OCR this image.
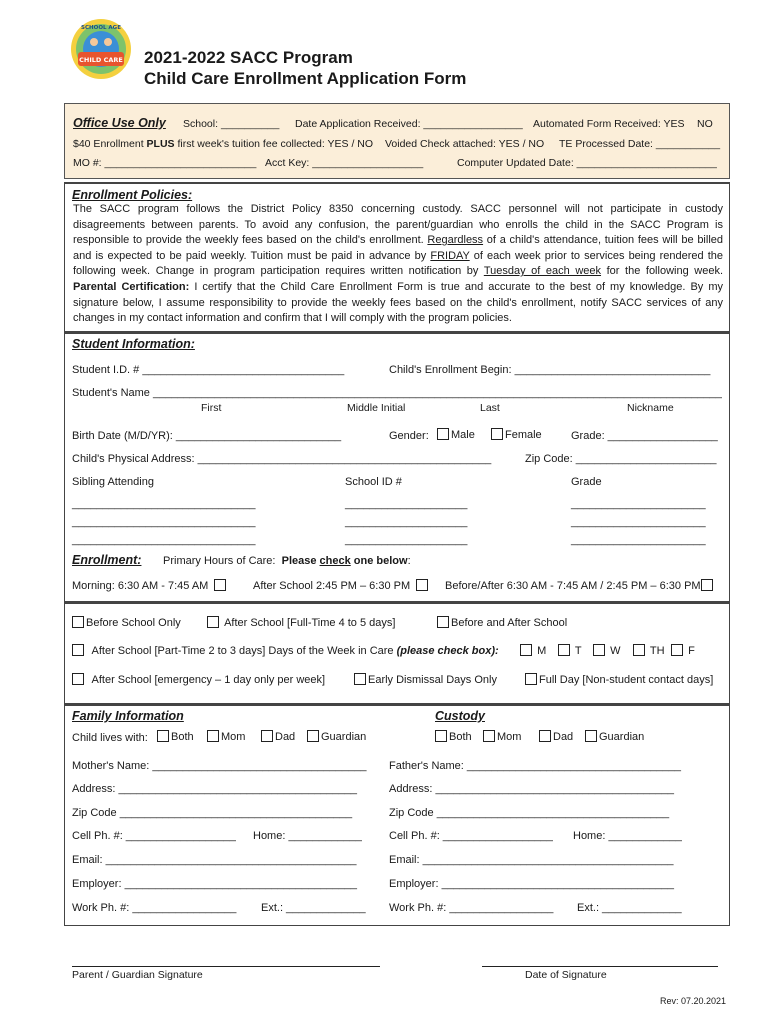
SCHOOL AGE
CHILD CARE 2021-2022 SACC Program
Child Care Enrollment Application Form
Office Use Only School: __________ Date Application Received: _________________ Automated Form Received: YES NO
$40 Enrollment PLUS first week's tuition fee collected: YES / NO Voided Check attached: YES / NO TE Processed Date: ___________
MO #: __________________________ Acct Key: ___________________	Computer Updated Date: ________________________
Enrollment Policies:
The SACC program follows the District Policy 8350 concerning custody. SACC personnel will not participate in custody disagreements between parents. To avoid any confusion, the parent/guardian who enrolls the child in the SACC Program is responsible to provide the weekly fees based on the child's enrollment. Regardless of a child's attendance, tuition fees will be billed and is expected to be paid weekly. Tuition must be paid in advance by FRIDAY of each week prior to services being rendered the following week. Change in program participation requires written notification by Tuesday of each week for the following week. Parental Certification: I certify that the Child Care Enrollment Form is true and accurate to the best of my knowledge. By my signature below, I assume responsibility to provide the weekly fees based on the child's enrollment, notify SACC services of any changes in my contact information and confirm that I will comply with the program policies.
Student Information:
Student I.D. # _________________________________	Child's Enrollment Begin: ________________________________
Student's Name _____________________________________________________________________________________________
First	Middle Initial	Last	Nickname
Birth Date (M/D/YR): ___________________________	Gender:	Male	Female	Grade: __________________
Child's Physical Address: ________________________________________________	Zip Code: _______________________
Sibling Attending	School ID #	Grade
______________________________	____________________	______________________
______________________________	____________________	______________________
______________________________	____________________	______________________
Enrollment: Primary Hours of Care: Please check one below:
Morning: 6:30 AM - 7:45 AM	After School 2:45 PM – 6:30 PM	Before/After 6:30 AM - 7:45 AM / 2:45 PM – 6:30 PM
Before School Only	After School [Full-Time 4 to 5 days]	Before and After School
After School [Part-Time 2 to 3 days] Days of the Week in Care (please check box):	M	T	W	TH	F
After School [emergency – 1 day only per week]	Early Dismissal Days Only	Full Day [Non-student contact days]
Family Information	Custody
Child lives with:	Both	Mom	Dad	Guardian	Both	Mom	Dad	Guardian
Mother's Name: ___________________________________ Father's Name: ___________________________________
Address: _______________________________________	Address: _______________________________________
Zip Code ______________________________________	Zip Code ______________________________________
Cell Ph. #: __________________ Home: ____________ Cell Ph. #: __________________ Home: ____________
Email: _________________________________________	Email: _________________________________________
Employer: ______________________________________	Employer: ______________________________________
Work Ph. #: _________________ Ext.: _____________ Work Ph. #: _________________ Ext.: _____________
Parent / Guardian Signature	Date of Signature
Rev: 07.20.2021
